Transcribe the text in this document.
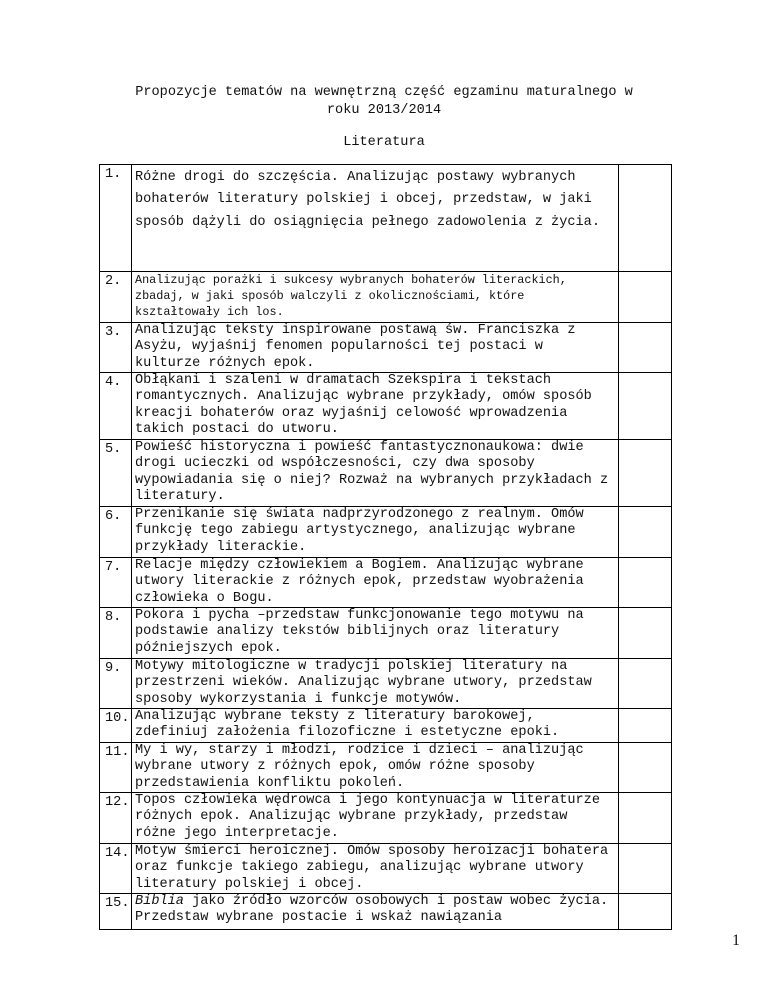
Propozycje tematów na wewnętrzną część egzaminu maturalnego w
roku 2013/2014
Literatura
1.	Różne drogi do szczęścia. Analizując postawy wybranych bohaterów literatury polskiej i obcej, przedstaw, w jaki sposób dążyli do osiągnięcia pełnego zadowolenia z życia.	
2.	Analizując porażki i sukcesy wybranych bohaterów literackich, zbadaj, w jaki sposób walczyli z okolicznościami, które kształtowały ich los.	
3.	Analizując teksty inspirowane postawą św. Franciszka z Asyżu, wyjaśnij fenomen popularności tej postaci w kulturze różnych epok.	
4.	Obłąkani i szaleni w dramatach Szekspira i tekstach romantycznych. Analizując wybrane przykłady, omów sposób kreacji bohaterów oraz wyjaśnij celowość wprowadzenia takich postaci do utworu.	
5.	Powieść historyczna i powieść fantastycznonaukowa: dwie drogi ucieczki od współczesności, czy dwa sposoby wypowiadania się o niej? Rozważ na wybranych przykładach z literatury.	
6.	Przenikanie się świata nadprzyrodzonego z realnym. Omów funkcję tego zabiegu artystycznego, analizując wybrane przykłady literackie.	
7.	Relacje między człowiekiem a Bogiem. Analizując wybrane utwory literackie z różnych epok, przedstaw wyobrażenia człowieka o Bogu.	
8.	Pokora i pycha –przedstaw funkcjonowanie tego motywu na podstawie analizy tekstów biblijnych oraz literatury późniejszych epok.	
9.	Motywy mitologiczne w tradycji polskiej literatury na przestrzeni wieków. Analizując wybrane utwory, przedstaw sposoby wykorzystania i funkcje motywów.	
10.	Analizując wybrane teksty z literatury barokowej, zdefiniuj założenia filozoficzne i estetyczne epoki.	
11.	My i wy, starzy i młodzi, rodzice i dzieci – analizując wybrane utwory z różnych epok, omów różne sposoby przedstawienia konfliktu pokoleń.	
12.	Topos człowieka wędrowca i jego kontynuacja w literaturze różnych epok. Analizując wybrane przykłady, przedstaw różne jego interpretacje.	
14.	Motyw śmierci heroicznej. Omów sposoby heroizacji bohatera oraz funkcje takiego zabiegu, analizując wybrane utwory literatury polskiej i obcej.	
15.	Biblia jako źródło wzorców osobowych i postaw wobec życia. Przedstaw wybrane postacie i wskaż nawiązania	
1
